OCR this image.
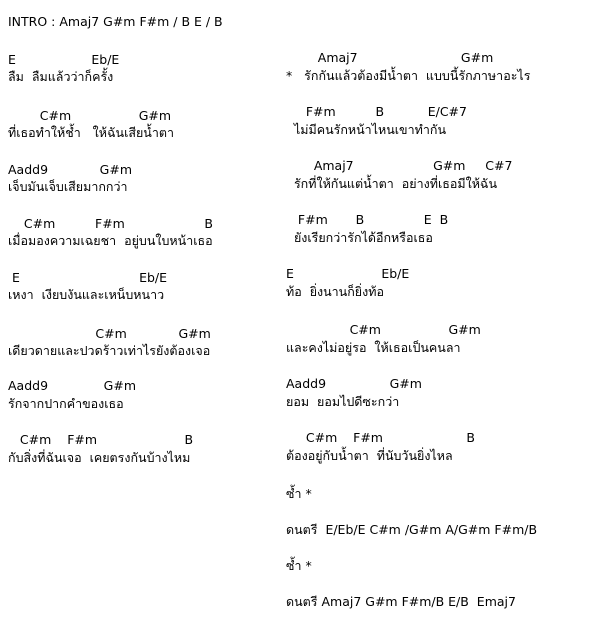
INTRO : Amaj7 G#m F#m / B E / B
E                   Eb/E
ลืม  ลืมแล้วว่าก็ครั้ง
C#m                 G#m
ที่เธอทำให้ช้ำ   ให้ฉันเสียน้ำตา
Aadd9             G#m
เจ็บมันเจ็บเสียมากกว่า
C#m          F#m                    B
เมื่อมองความเฉยชา  อยู่บนใบหน้าเธอ
E                              Eb/E
เหงา  เงียบงันและเหน็บหนาว
C#m             G#m
เดียวดายและปวดร้าวเท่าไรยังต้องเจอ
Aadd9              G#m
รักจากปากคำของเธอ
C#m    F#m                      B
กับสิ่งที่ฉันเจอ  เคยตรงกันบ้างไหม
Amaj7                          G#m
*   รักกันแล้วต้องมีน้ำตา  แบบนี้รักภาษาอะไร
F#m          B           E/C#7
ไม่มีคนรักหน้าไหนเขาทำกัน
Amaj7                    G#m     C#7
รักที่ให้กันแต่น้ำตา  อย่างที่เธอมีให้ฉัน
F#m       B               E  B
ยังเรียกว่ารักได้อีกหรือเธอ
E                      Eb/E
ท้อ  ยิ่งนานก็ยิ่งท้อ
C#m                 G#m
และคงไม่อยู่รอ  ให้เธอเป็นคนลา
Aadd9                G#m
ยอม  ยอมไปดีซะกว่า
C#m    F#m                     B
ต้องอยู่กับน้ำตา  ที่นับวันยิ่งไหล
ซ้ำ *
ดนตรี  E/Eb/E C#m /G#m A/G#m F#m/B
ซ้ำ *
ดนตรี Amaj7 G#m F#m/B E/B  Emaj7
